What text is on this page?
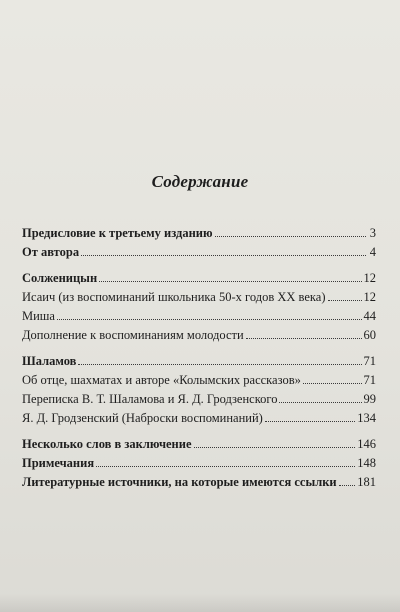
Содержание
Предисловие к третьему изданию	3
От автора	4
Солженицын	12
Исаич (из воспоминаний школьника 50-х годов XX века)	12
Миша	44
Дополнение к воспоминаниям молодости	60
Шаламов	71
Об отце, шахматах и авторе «Колымских рассказов»	71
Переписка В. Т. Шаламова и Я. Д. Гродзенского	99
Я. Д. Гродзенский (Наброски воспоминаний)	134
Несколько слов в заключение	146
Примечания	148
Литературные источники, на которые имеются ссылки 181
